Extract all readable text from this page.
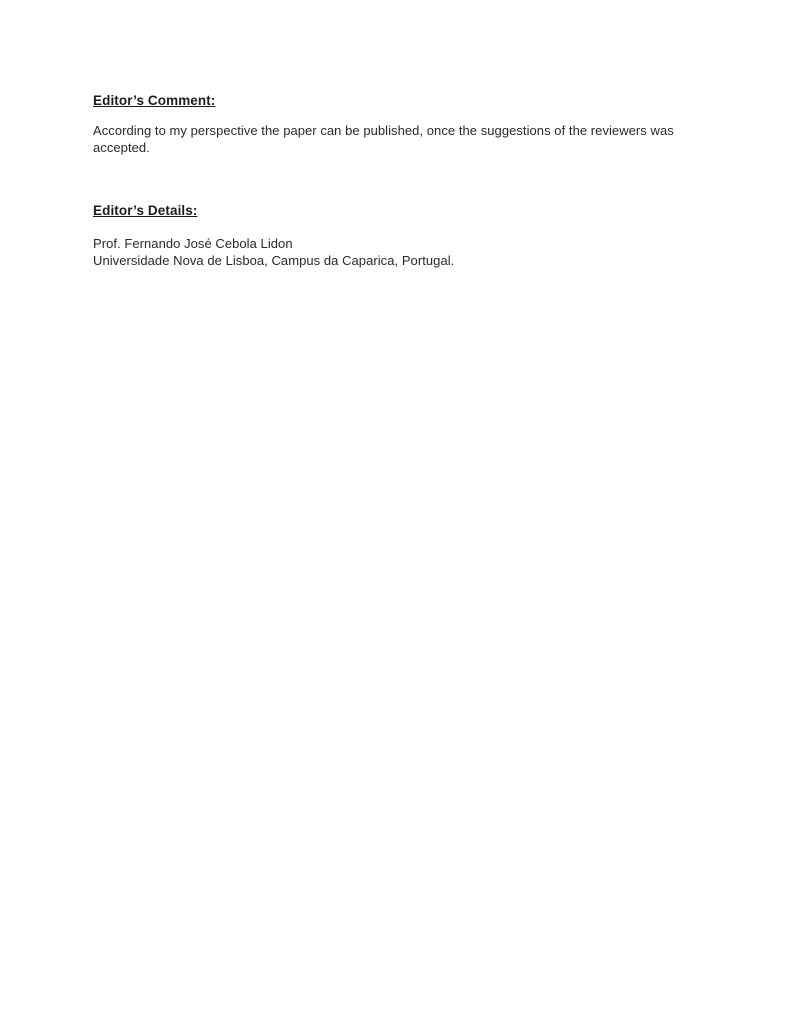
Editor’s Comment:
According to my perspective the paper can be published, once the suggestions of the reviewers was
accepted.
Editor’s Details:
Prof. Fernando José Cebola Lidon
Universidade Nova de Lisboa, Campus da Caparica, Portugal.
